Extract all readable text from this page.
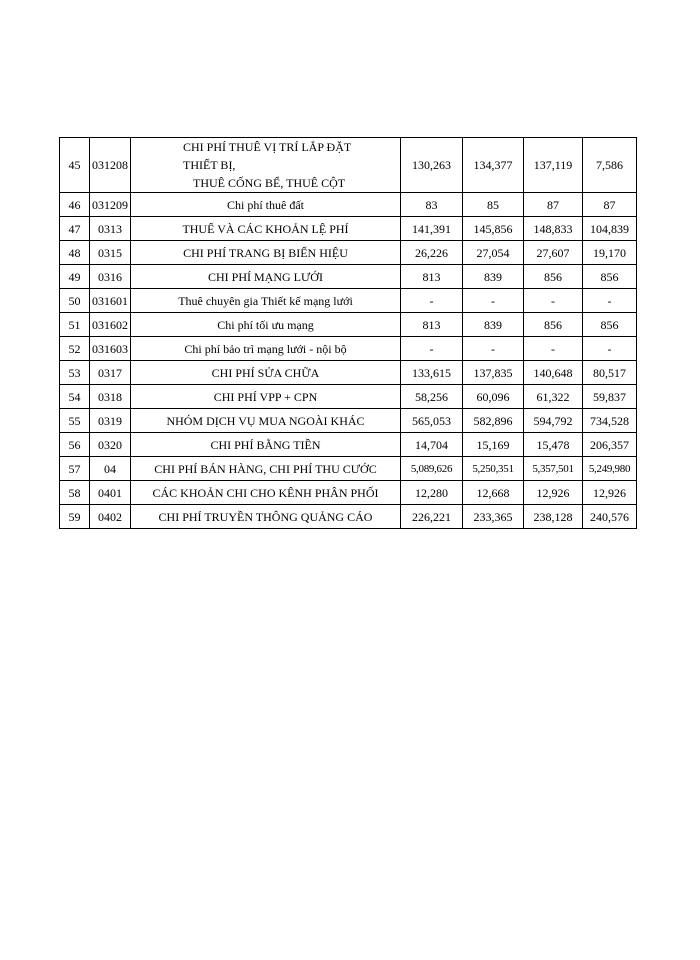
45	031208	CHI PHÍ THUÊ VỊ TRÍ LẮP ĐẶT THIẾT BỊ,
THUÊ CỐNG BỂ, THUÊ CỘT	130,263	134,377	137,119	7,586
46	031209	Chi phí thuê đất	83	85	87	87
47	0313	THUẾ VÀ CÁC KHOẢN LỆ PHÍ	141,391	145,856	148,833	104,839
48	0315	CHI PHÍ TRANG BỊ BIỂN HIỆU	26,226	27,054	27,607	19,170
49	0316	CHI PHÍ MẠNG LƯỚI	813	839	856	856
50	031601	Thuê chuyên gia Thiết kế mạng lưới	-	-	-	-
51	031602	Chi phí tối ưu mạng	813	839	856	856
52	031603	Chi phí bảo trì mạng lưới - nội bộ	-	-	-	-
53	0317	CHI PHÍ SỬA CHỮA	133,615	137,835	140,648	80,517
54	0318	CHI PHÍ VPP + CPN	58,256	60,096	61,322	59,837
55	0319	NHÓM DỊCH VỤ MUA NGOÀI KHÁC	565,053	582,896	594,792	734,528
56	0320	CHI PHÍ BẰNG TIỀN	14,704	15,169	15,478	206,357
57	04	CHI PHÍ BÁN HÀNG, CHI PHÍ THU CƯỚC	5,089,626	5,250,351	5,357,501	5,249,980
58	0401	CÁC KHOẢN CHI CHO KÊNH PHÂN PHỐI	12,280	12,668	12,926	12,926
59	0402	CHI PHÍ TRUYỀN THÔNG QUẢNG CÁO	226,221	233,365	238,128	240,576
